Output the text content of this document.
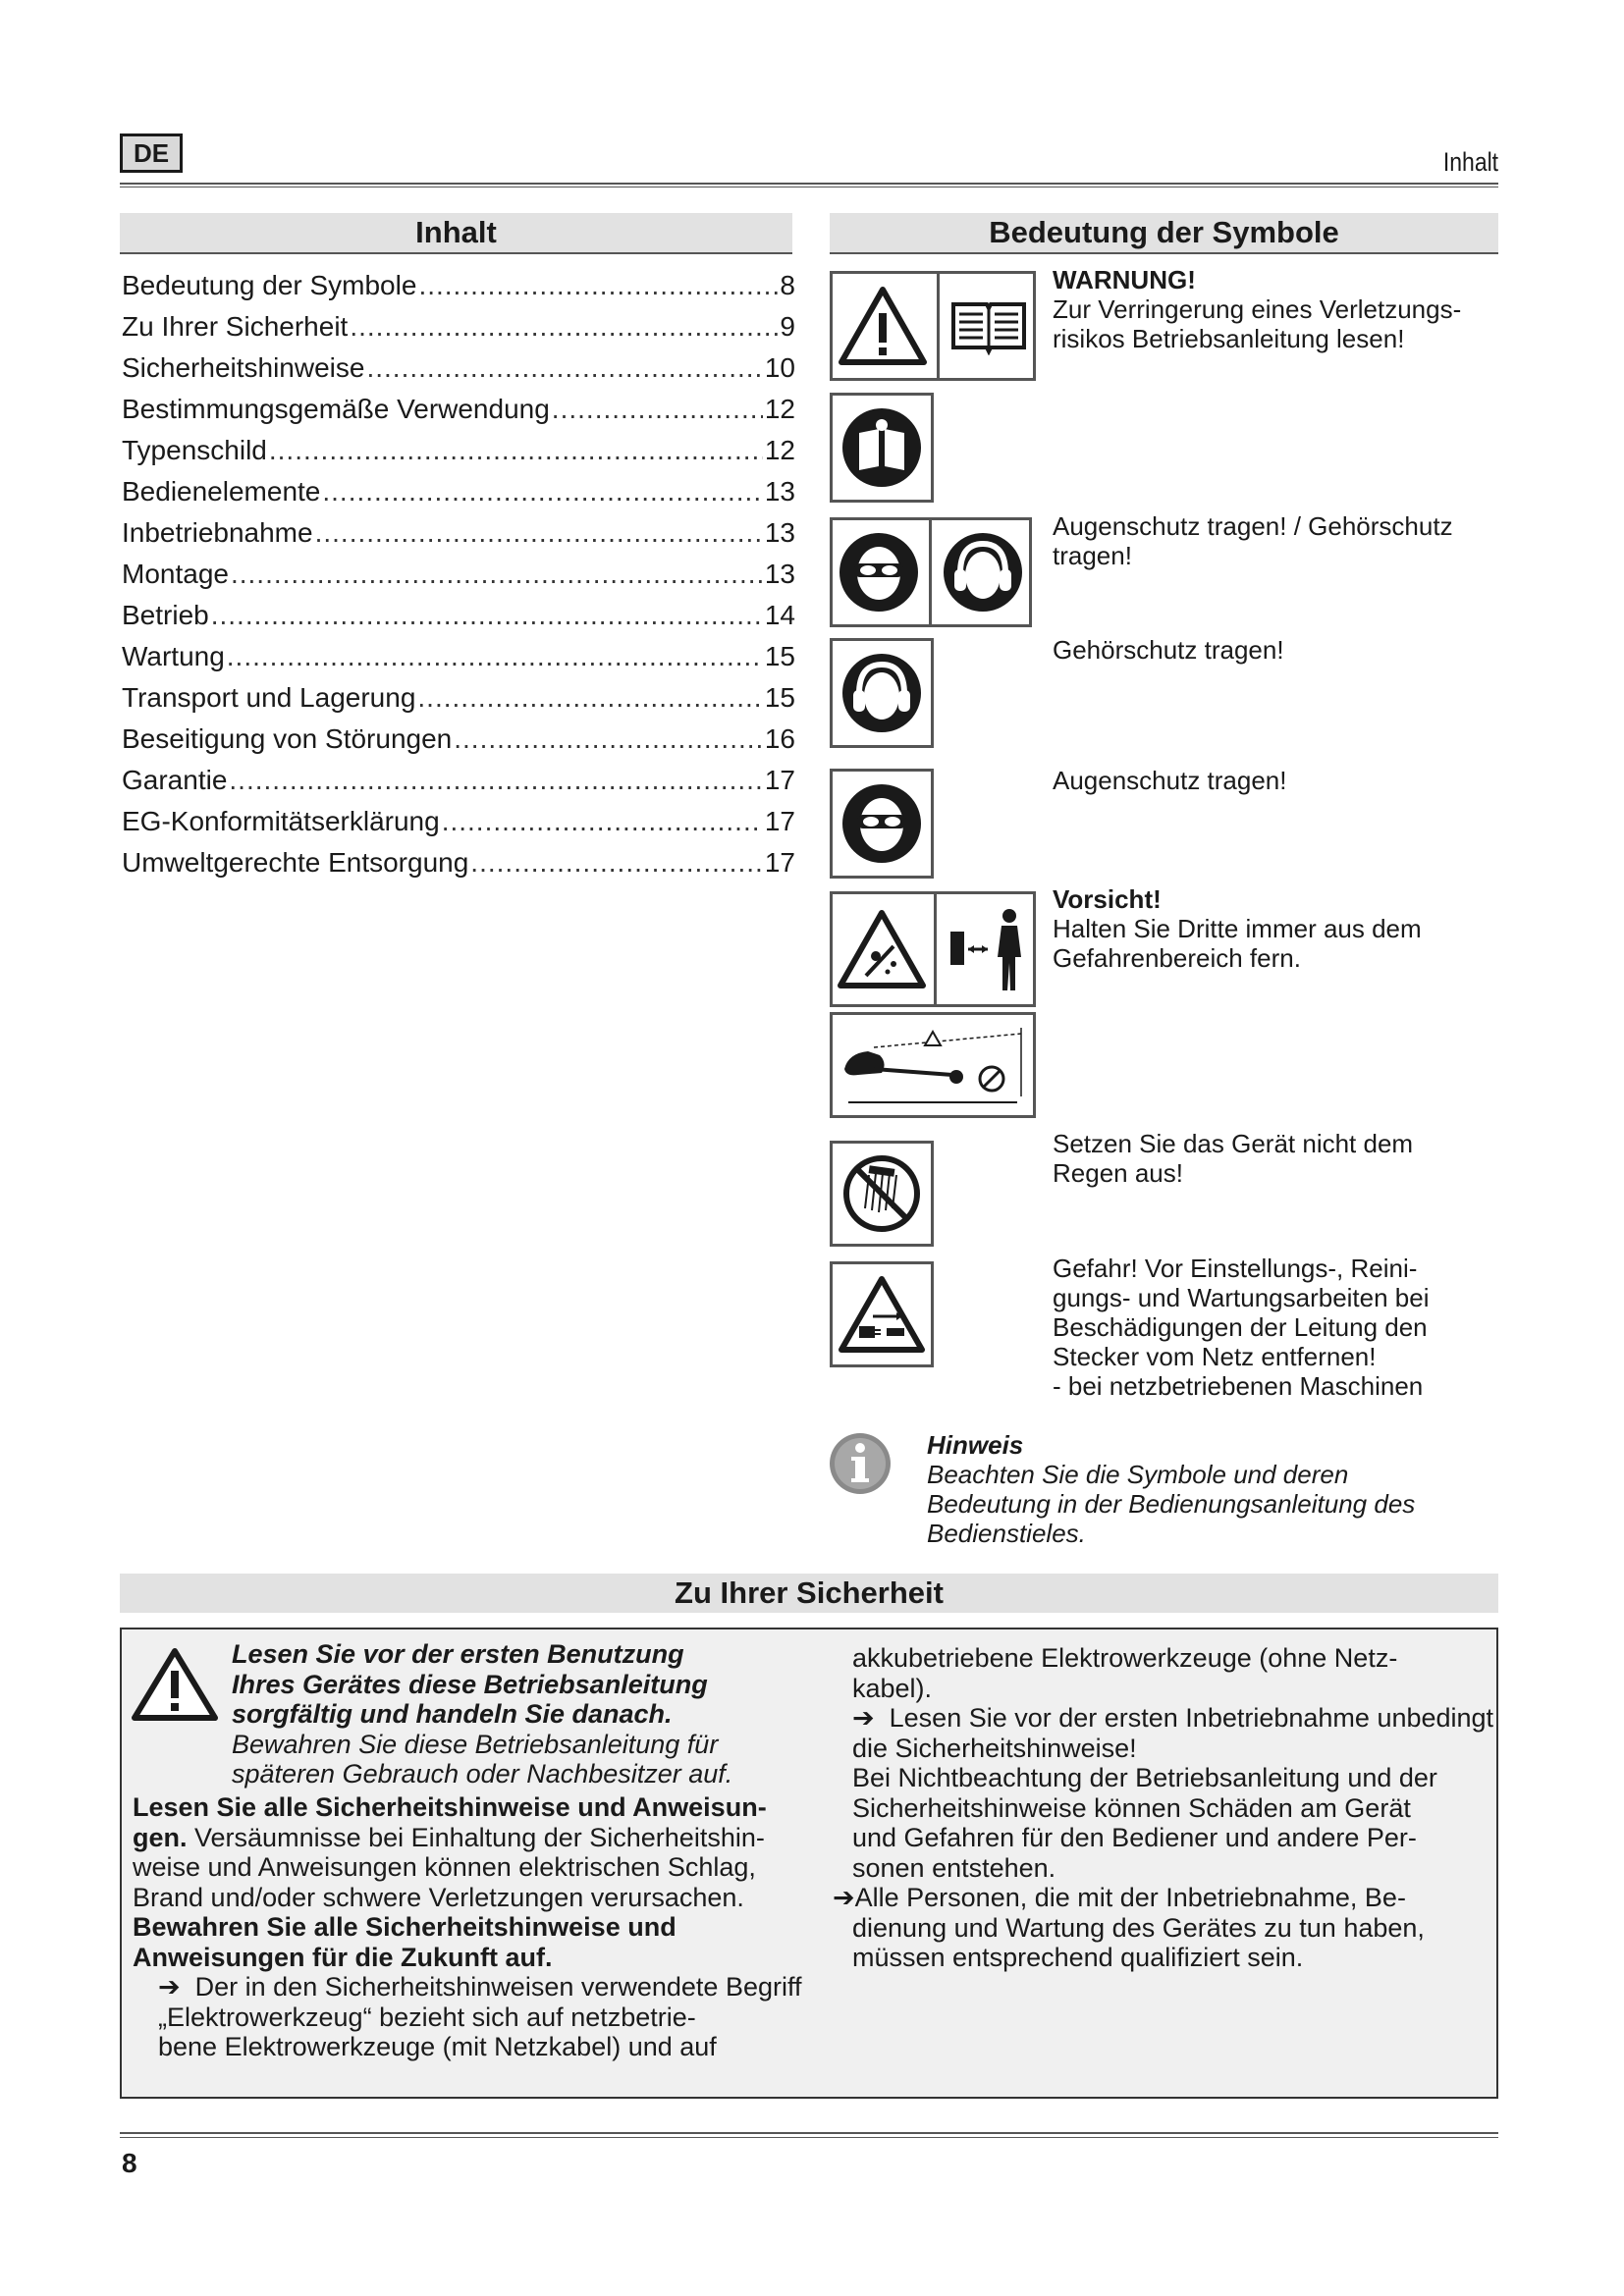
DE	Inhalt
Inhalt
Bedeutung der Symbole .....	8
Zu Ihrer Sicherheit .....	9
Sicherheitshinweise .....	10
Bestimmungsgemäße Verwendung .....	12
Typenschild .....	12
Bedienelemente .....	13
Inbetriebnahme .....	13
Montage .....	13
Betrieb .....	14
Wartung .....	15
Transport und Lagerung .....	15
Beseitigung von Störungen .....	16
Garantie .....	17
EG-Konformitätserklärung .....	17
Umweltgerechte Entsorgung .....	17
Bedeutung der Symbole
WARNUNG!
Zur Verringerung eines Verletzungs-
risikos Betriebsanleitung lesen!
Augenschutz tragen! / Gehörschutz
tragen!
Gehörschutz tragen!
Augenschutz tragen!
Vorsicht!
Halten Sie Dritte immer aus dem
Gefahrenbereich fern.
Setzen Sie das Gerät nicht dem
Regen aus!
Gefahr! Vor Einstellungs-, Reini-
gungs- und Wartungsarbeiten bei
Beschädigungen der Leitung den
Stecker vom Netz entfernen!
- bei netzbetriebenen Maschinen
Hinweis
Beachten Sie die Symbole und deren
Bedeutung in der Bedienungsanleitung des
Bedienstieles.
Zu Ihrer Sicherheit
Lesen Sie vor der ersten Benutzung
Ihres Gerätes diese Betriebsanleitung
sorgfältig und handeln Sie danach.
Bewahren Sie diese Betriebsanleitung für
späteren Gebrauch oder Nachbesitzer auf.
Lesen Sie alle Sicherheitshinweise und Anweisun-
gen. Versäumnisse bei Einhaltung der Sicherheitshin-
weise und Anweisungen können elektrischen Schlag,
Brand und/oder schwere Verletzungen verursachen.
Bewahren Sie alle Sicherheitshinweise und
Anweisungen für die Zukunft auf.
➔  Der in den Sicherheitshinweisen verwendete Begriff
„Elektrowerkzeug“ bezieht sich auf netzbetrie-
bene Elektrowerkzeuge (mit Netzkabel) und auf
akkubetriebene Elektrowerkzeuge (ohne Netz-
kabel).
➔  Lesen Sie vor der ersten Inbetriebnahme unbedingt
die Sicherheitshinweise!
Bei Nichtbeachtung der Betriebsanleitung und der
Sicherheitshinweise können Schäden am Gerät
und Gefahren für den Bediener und andere Per-
sonen entstehen.
➔Alle Personen, die mit der Inbetriebnahme, Be-
dienung und Wartung des Gerätes zu tun haben,
müssen entsprechend qualifiziert sein.
8
